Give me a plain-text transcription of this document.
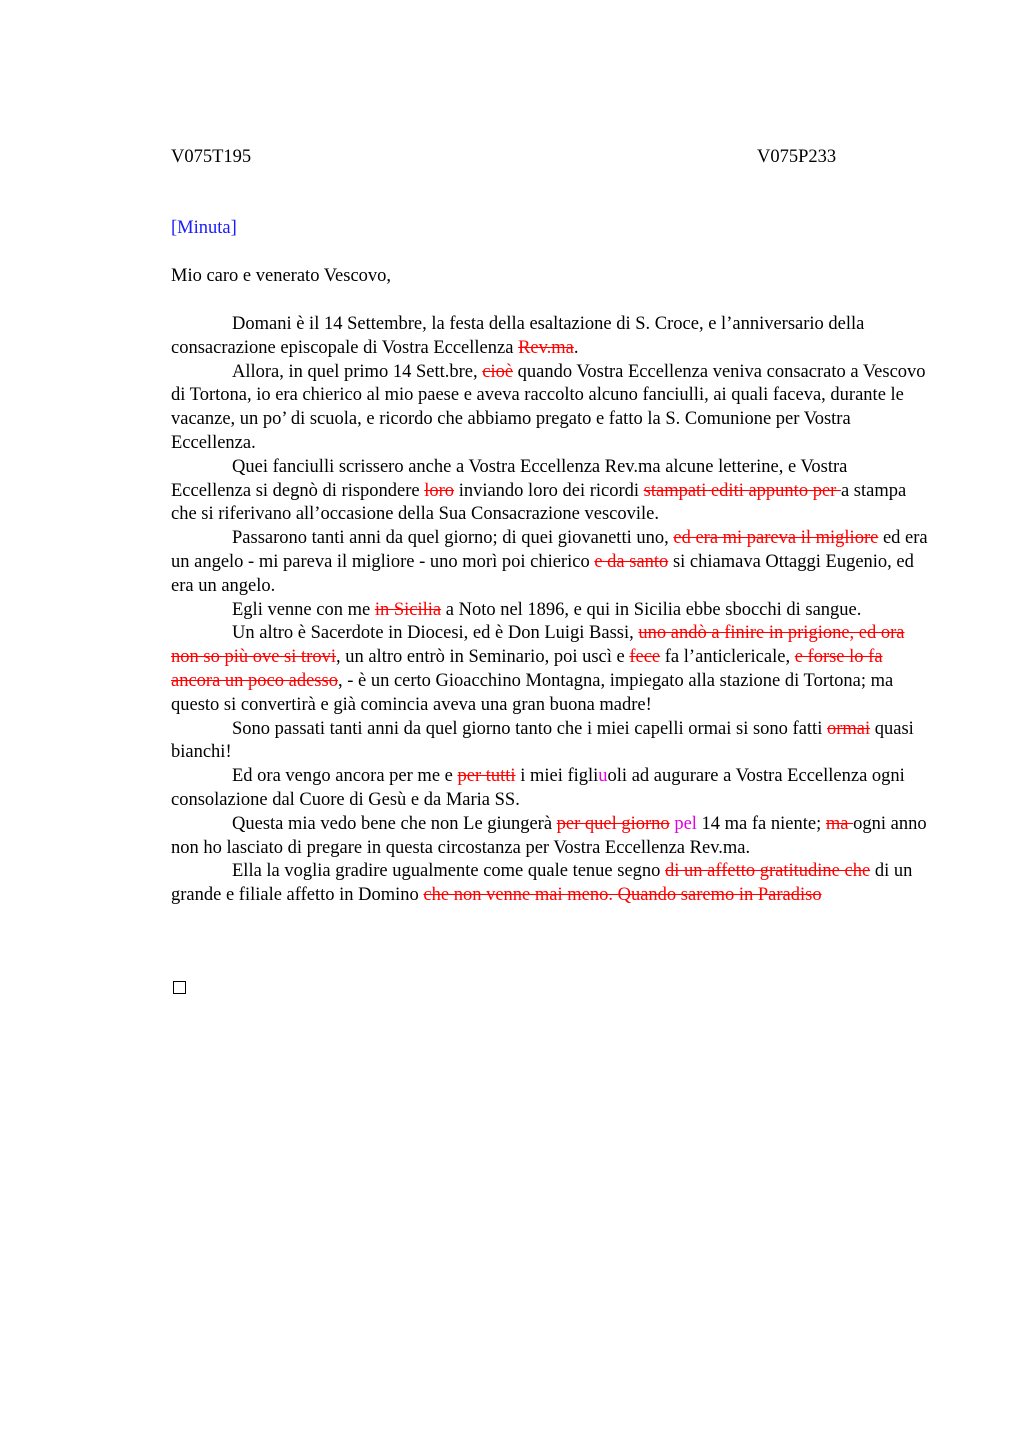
V075T195	V075P233
[Minuta]
Mio caro e venerato Vescovo,

Domani è il 14 Settembre, la festa della esaltazione di S. Croce, e l’anniversario della consacrazione episcopale di Vostra Eccellenza Rev.ma.

Allora, in quel primo 14 Sett.bre, cioè quando Vostra Eccellenza veniva consacrato a Vescovo di Tortona, io era chierico al mio paese e aveva raccolto alcuno fanciulli, ai quali faceva, durante le vacanze, un po’ di scuola, e ricordo che abbiamo pregato e fatto la S. Comunione per Vostra Eccellenza.

Quei fanciulli scrissero anche a Vostra Eccellenza Rev.ma alcune letterine, e Vostra Eccellenza si degnò di rispondere loro inviando loro dei ricordi stampati editi appunto per a stampa che si riferivano all’occasione della Sua Consacrazione vescovile.

Passarono tanti anni da quel giorno; di quei giovanetti uno, ed era mi pareva il migliore ed era un angelo - mi pareva il migliore - uno morì poi chierico e da santo si chiamava Ottaggi Eugenio, ed era un angelo.

Egli venne con me in Sicilia a Noto nel 1896, e qui in Sicilia ebbe sbocchi di sangue.

Un altro è Sacerdote in Diocesi, ed è Don Luigi Bassi, uno andò a finire in prigione, ed ora non so più ove si trovi, un altro entrò in Seminario, poi uscì e fece fa l’anticlericale, e forse lo fa ancora un poco adesso, - è un certo Gioacchino Montagna, impiegato alla stazione di Tortona; ma questo si convertirà e già comincia aveva una gran buona madre!

Sono passati tanti anni da quel giorno tanto che i miei capelli ormai si sono fatti ormai quasi bianchi!

Ed ora vengo ancora per me e per tutti i miei figliuoli ad augurare a Vostra Eccellenza ogni consolazione dal Cuore di Gesù e da Maria SS.

Questa mia vedo bene che non Le giungerà per quel giorno pel 14 ma fa niente; ma ogni anno non ho lasciato di pregare in questa circostanza per Vostra Eccellenza Rev.ma.

Ella la voglia gradire ugualmente come quale tenue segno di un affetto gratitudine che di un grande e filiale affetto in Domino che non venne mai meno. Quando saremo in Paradiso
